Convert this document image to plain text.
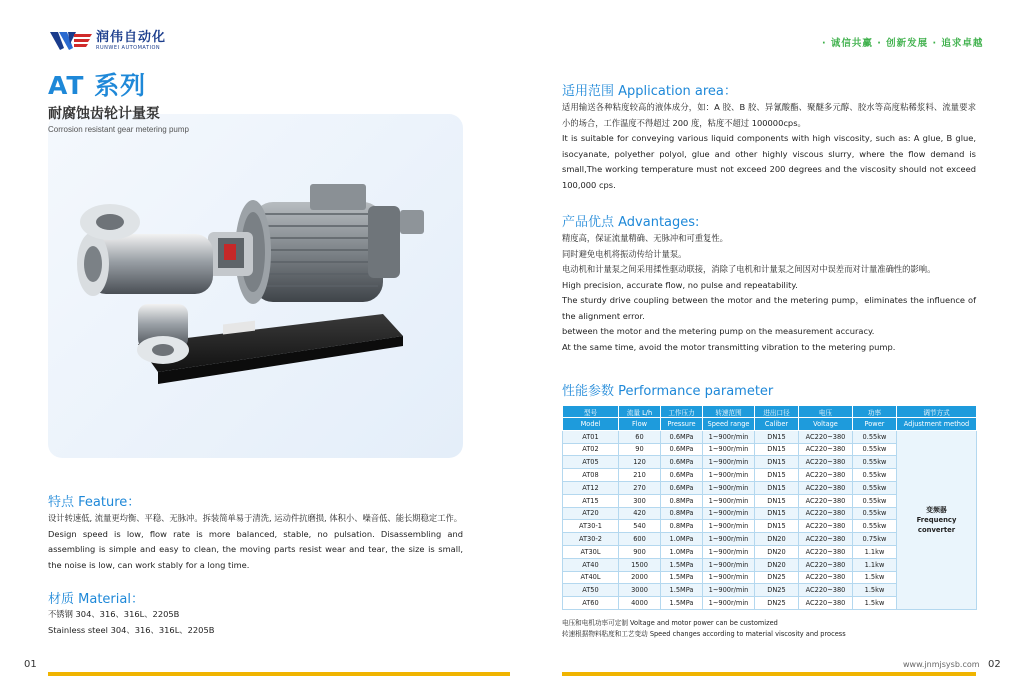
润伟自动化
RUNWEI AUTOMATION
AT 系列
耐腐蚀齿轮计量泵
Corrosion resistant gear metering pump
特点 Feature：
设计转速低, 流量更均衡、平稳、无脉冲。拆装简单易于清洗, 运动件抗磨损, 体积小、噪音低、能长期稳定工作。
Design speed is low, flow rate is more balanced, stable, no pulsation. Disassembling and assembling is simple and easy to clean, the moving parts resist wear and tear, the size is small, the noise is low, can work stably for a long time.
材质 Material：
不锈钢 304、316、316L、2205B
Stainless steel 304、316、316L、2205B
· 诚信共赢 · 创新发展 · 追求卓越
适用范围 Application area：

适用输送各种粘度较高的液体成分，如：A 胶、B 胶、异氰酸酯、聚醚多元醇、胶水等高度粘稀浆料、流量要求小的场合，工作温度不得超过 200 度，粘度不超过 100000cps。

It is suitable for conveying various liquid components with high viscosity, such as: A glue, B glue, isocyanate, polyether polyol, glue and other highly viscous slurry, where the flow demand is small,The working temperature must not exceed 200 degrees and the viscosity should not exceed 100,000 cps.

产品优点 Advantages:

精度高，保证流量精确、无脉冲和可重复性。

同时避免电机将振动传给计量泵。

电动机和计量泵之间采用揉性驱动联接，消除了电机和计量泵之间因对中误差而对计量准确性的影响。

High precision, accurate flow, no pulse and repeatability.

The sturdy drive coupling between the motor and the metering pump，eliminates the influence of the alignment error.

between the motor and the metering pump on the measurement accuracy.

At the same time, avoid the motor transmitting vibration to the metering pump.

性能参数 Performance parameter
型号	流量 L/h	工作压力	转速范围	进出口径	电压	功率	调节方式
Model	Flow	Pressure	Speed range	Caliber	Voltage	Power	Adjustment method
AT01	60	0.6MPa	1~900r/min	DN15	AC220~380	0.55kw	变频器
Frequency converter

AT02	90	0.6MPa	1~900r/min	DN15	AC220~380	0.55kw	
AT05	120	0.6MPa	1~900r/min	DN15	AC220~380	0.55kw	
AT08	210	0.6MPa	1~900r/min	DN15	AC220~380	0.55kw	
AT12	270	0.6MPa	1~900r/min	DN15	AC220~380	0.55kw	
AT15	300	0.8MPa	1~900r/min	DN15	AC220~380	0.55kw	
AT20	420	0.8MPa	1~900r/min	DN15	AC220~380	0.55kw	
AT30-1	540	0.8MPa	1~900r/min	DN15	AC220~380	0.55kw	
AT30-2	600	1.0MPa	1~900r/min	DN20	AC220~380	0.75kw	
AT30L	900	1.0MPa	1~900r/min	DN20	AC220~380	1.1kw	
AT40	1500	1.5MPa	1~900r/min	DN20	AC220~380	1.1kw	
AT40L	2000	1.5MPa	1~900r/min	DN25	AC220~380	1.5kw	
AT50	3000	1.5MPa	1~900r/min	DN25	AC220~380	1.5kw	
AT60	4000	1.5MPa	1~900r/min	DN25	AC220~380	1.5kw	
电压和电机功率可定制 Voltage and motor power can be customized
转速根据物料粘度和工艺变动 Speed changes according to material viscosity and process
01	www.jnmjsysb.com 02
